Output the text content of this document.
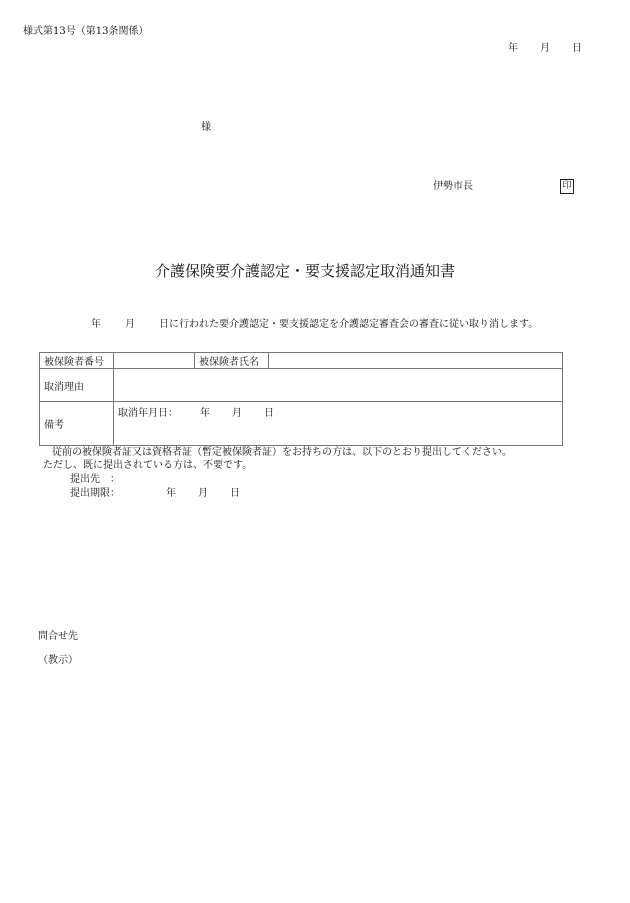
様式第13号（第13条関係）
年 月 日
様
伊勢市長	印
介護保険要介護認定・要支援認定取消通知書
年 月 日に行われた要介護認定・要支援認定を介護認定審査会の審査に従い取り消します。
被保険者番号		被保険者氏名	
取消理由			
備考	取消年月日： 年 月 日		
従前の被保険者証又は資格者証（暫定被保険者証）をお持ちの方は、以下のとおり提出してください。
ただし、既に提出されている方は、不要です。
提出先　：
提出期限：	年 月 日
問合せ先
（教示）
